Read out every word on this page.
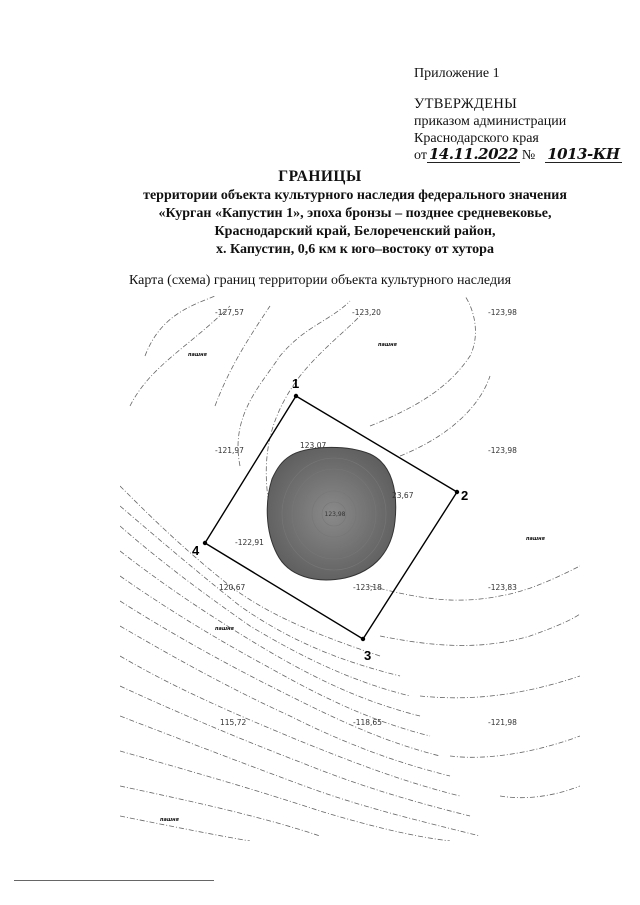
Приложение 1
УТВЕРЖДЕНЫ
приказом администрации
Краснодарского края
от 14.11.2022 № 1013-КН
ГРАНИЦЫ
территории объекта культурного наследия федерального значения
«Курган «Капустин 1», эпоха бронзы – позднее средневековье,
Краснодарский край, Белореченский район,
х. Капустин, 0,6 км к юго–востоку от хутора
Карта (схема) границ территории объекта культурного наследия
123,98
1
2
3
4
-127,57	-123,20	-123,98
-121,97
123,07
-123,98
23,67
-122,91
120,67	-123,18	-123,83
115,72	-118,65	-121,98
пашня
пашня
пашня
пашня
пашня
